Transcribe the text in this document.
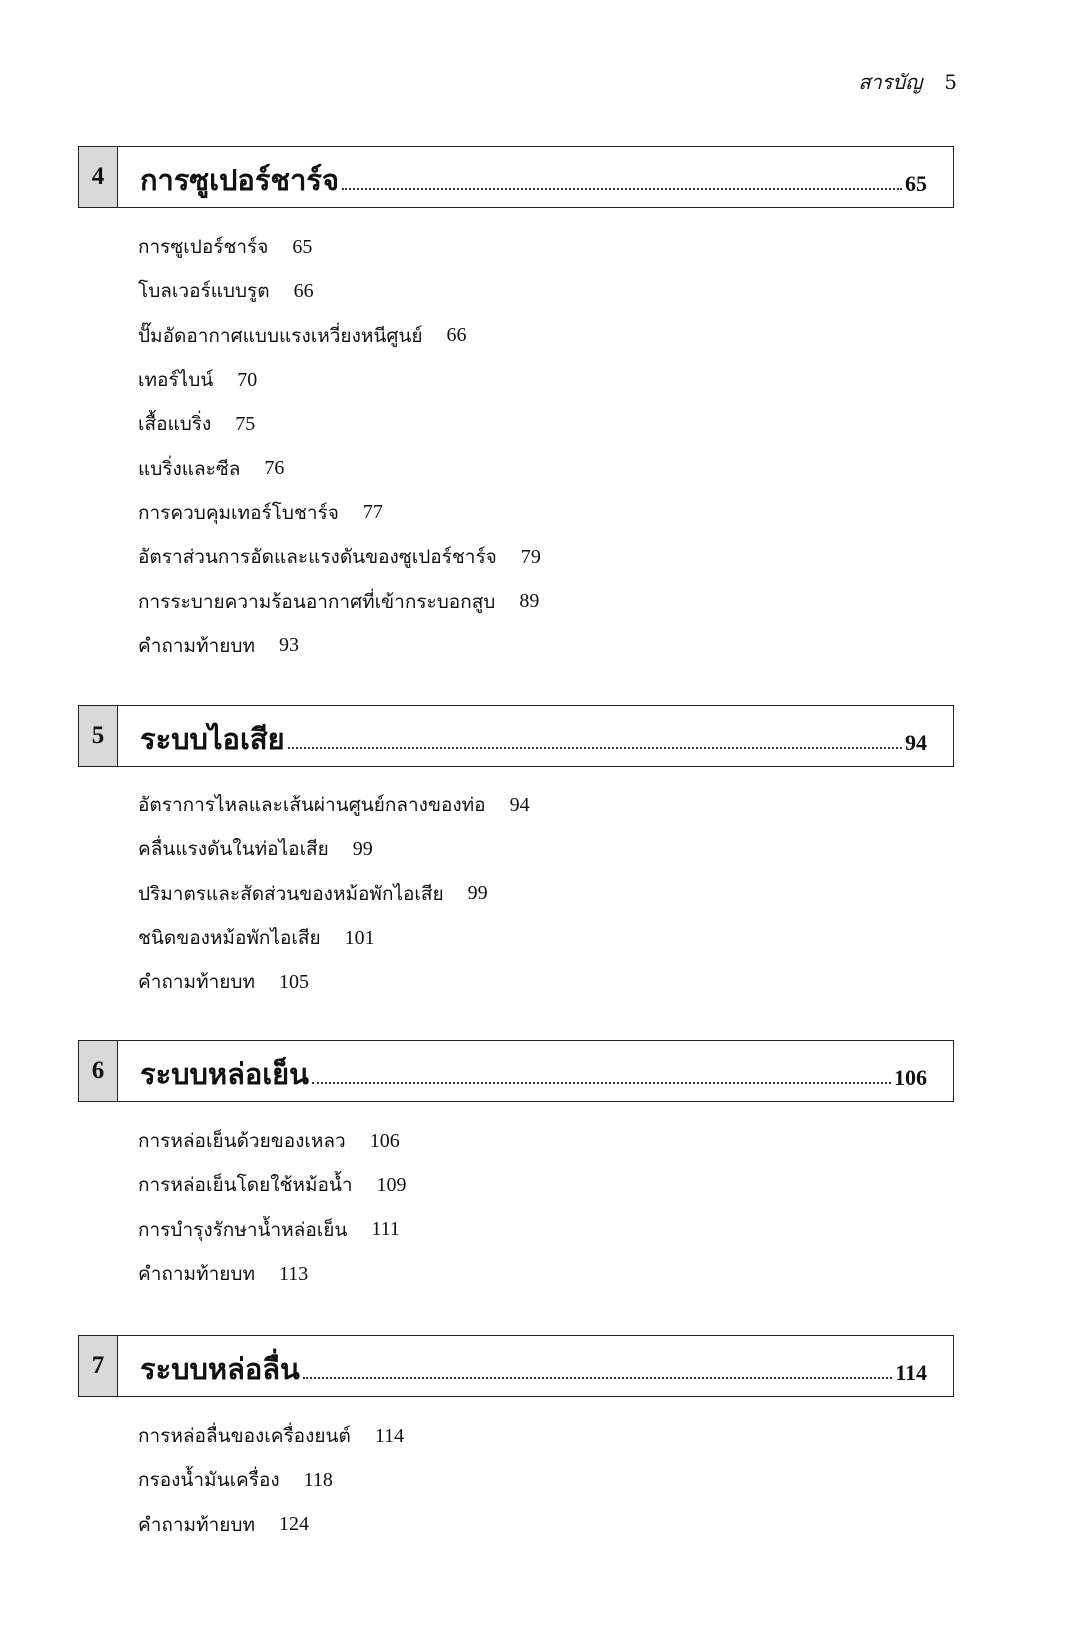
สารบัญ 5
4	การซูเปอร์ชาร์จ	65
การซูเปอร์ชาร์จ 65
โบลเวอร์แบบรูต 66
ปั๊มอัดอากาศแบบแรงเหวี่ยงหนีศูนย์ 66
เทอร์ไบน์ 70
เสื้อแบริ่ง 75
แบริ่งและซีล 76
การควบคุมเทอร์โบชาร์จ 77
อัตราส่วนการอัดและแรงดันของซูเปอร์ชาร์จ 79
การระบายความร้อนอากาศที่เข้ากระบอกสูบ 89
คำถามท้ายบท 93
5	ระบบไอเสีย	94
อัตราการไหลและเส้นผ่านศูนย์กลางของท่อ 94
คลื่นแรงดันในท่อไอเสีย 99
ปริมาตรและสัดส่วนของหม้อพักไอเสีย 99
ชนิดของหม้อพักไอเสีย 101
คำถามท้ายบท 105
6	ระบบหล่อเย็น	106
การหล่อเย็นด้วยของเหลว 106
การหล่อเย็นโดยใช้หม้อน้ำ 109
การบำรุงรักษาน้ำหล่อเย็น 111
คำถามท้ายบท 113
7	ระบบหล่อลื่น	114
การหล่อลื่นของเครื่องยนต์ 114
กรองน้ำมันเครื่อง 118
คำถามท้ายบท 124
